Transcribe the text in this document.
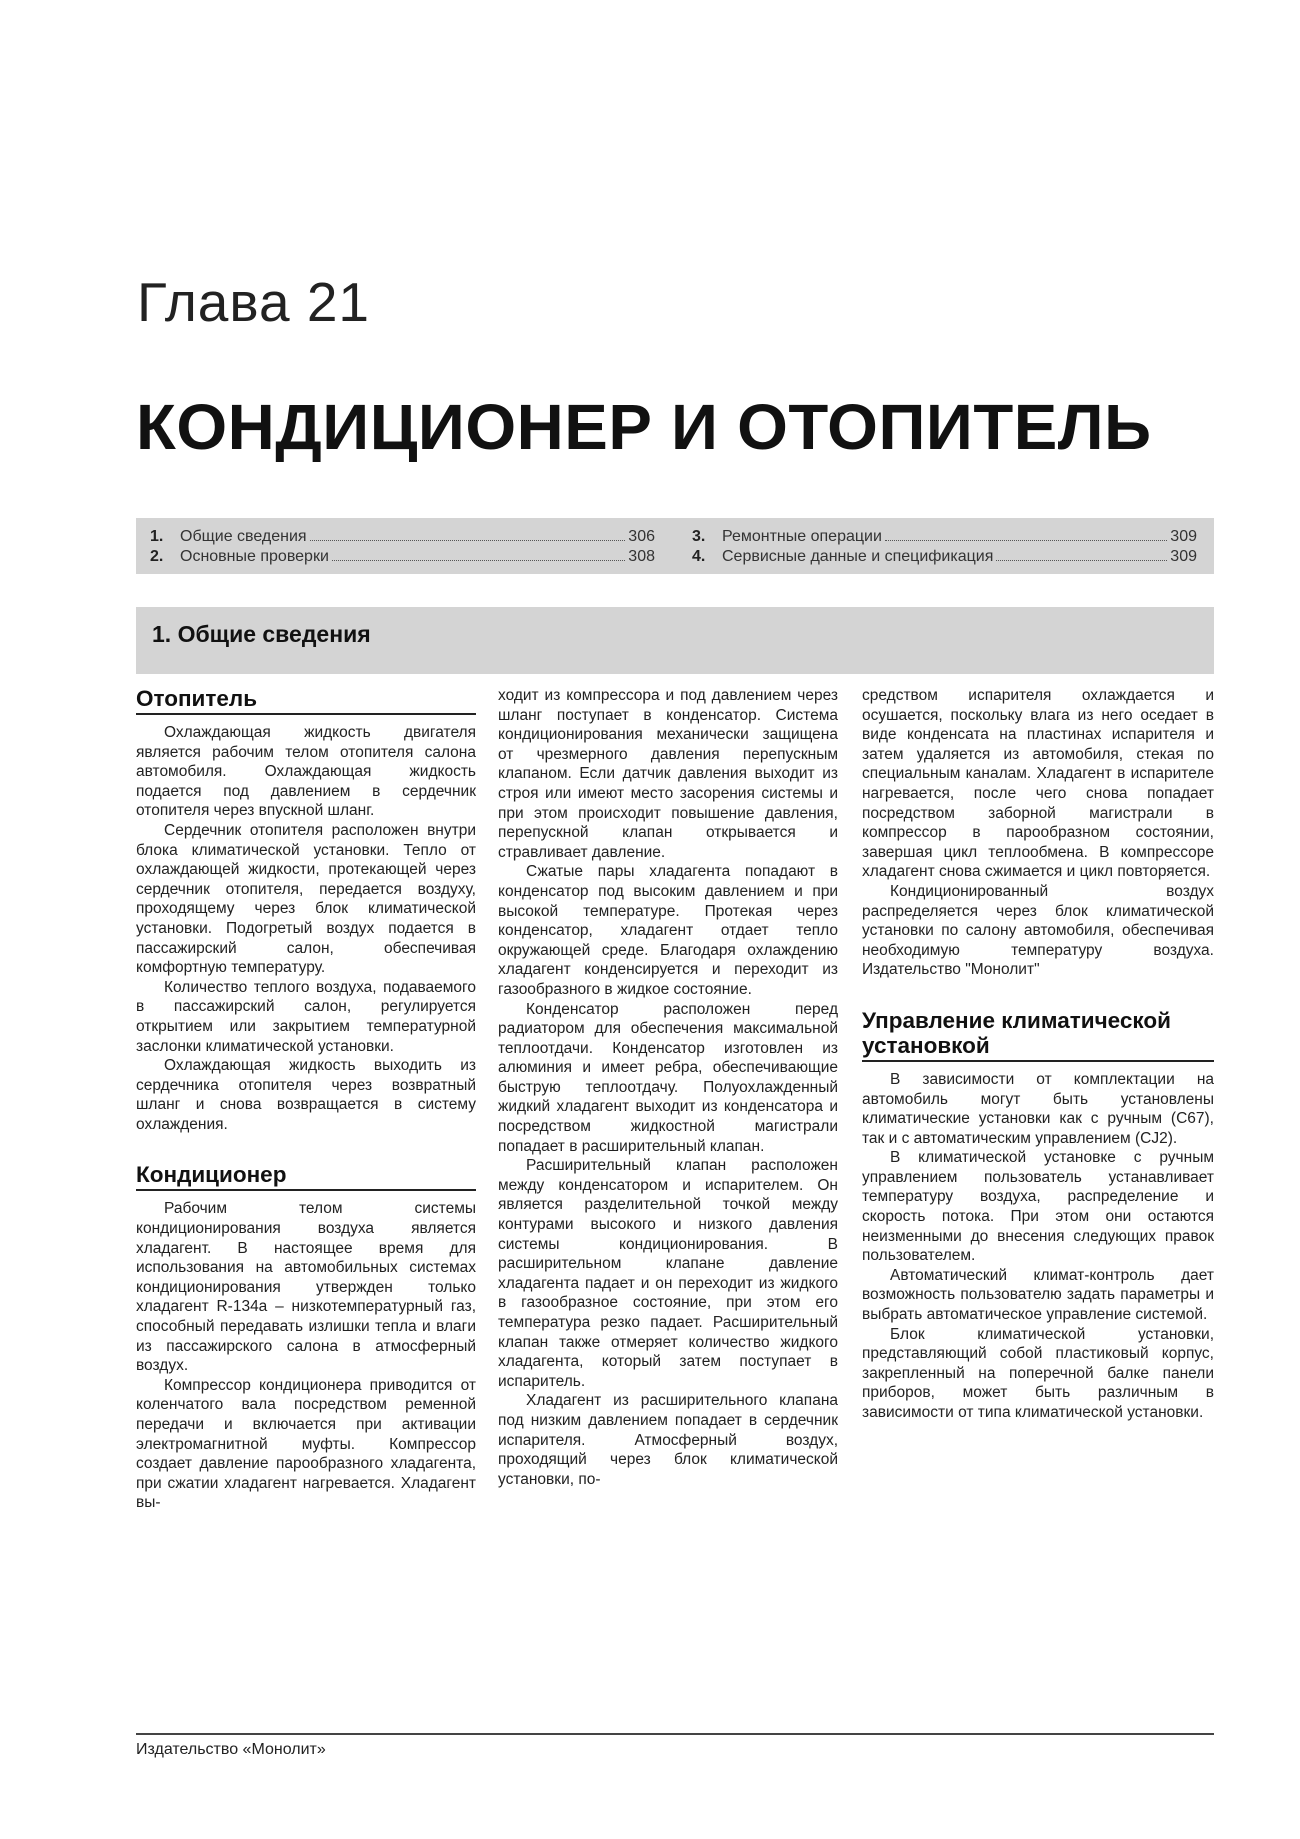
Глава 21
КОНДИЦИОНЕР И ОТОПИТЕЛЬ
1.	Общие сведения	306
2.	Основные проверки	308
3.	Ремонтные операции	309
4.	Сервисные данные и спецификация	309
1. Общие сведения
Отопитель

Охлаждающая жидкость двигателя является рабочим телом отопителя салона автомобиля. Охлаждающая жидкость подается под давлением в сердечник отопителя через впускной шланг.

Сердечник отопителя расположен внутри блока климатической установки. Тепло от охлаждающей жидкости, протекающей через сердечник отопителя, передается воздуху, проходящему через блок климатической установки. Подогретый воздух подается в пассажирский салон, обеспечивая комфортную температуру.

Количество теплого воздуха, подаваемого в пассажирский салон, регулируется открытием или закрытием температурной заслонки климатической установки.

Охлаждающая жидкость выходить из сердечника отопителя через возвратный шланг и снова возвращается в систему охлаждения.

Кондиционер

Рабочим телом системы кондиционирования воздуха является хладагент. В настоящее время для использования на автомобильных системах кондиционирования утвержден только хладагент R-134a – низкотемпературный газ, способный передавать излишки тепла и влаги из пассажирского салона в атмосферный воздух.

Компрессор кондиционера приводится от коленчатого вала посредством ременной передачи и включается при активации электромагнитной муфты. Компрессор создает давление парообразного хладагента, при сжатии хладагент нагревается. Хладагент вы-

ходит из компрессора и под давлением через шланг поступает в конденсатор. Система кондиционирования механически защищена от чрезмерного давления перепускным клапаном. Если датчик давления выходит из строя или имеют место засорения системы и при этом происходит повышение давления, перепускной клапан открывается и стравливает давление.

Сжатые пары хладагента попадают в конденсатор под высоким давлением и при высокой температуре. Протекая через конденсатор, хладагент отдает тепло окружающей среде. Благодаря охлаждению хладагент конденсируется и переходит из газообразного в жидкое состояние.

Конденсатор расположен перед радиатором для обеспечения максимальной теплоотдачи. Конденсатор изготовлен из алюминия и имеет ребра, обеспечивающие быструю теплоотдачу. Полуохлажденный жидкий хладагент выходит из конденсатора и посредством жидкостной магистрали попадает в расширительный клапан.

Расширительный клапан расположен между конденсатором и испарителем. Он является разделительной точкой между контурами высокого и низкого давления системы кондиционирования. В расширительном клапане давление хладагента падает и он переходит из жидкого в газообразное состояние, при этом его температура резко падает. Расширительный клапан также отмеряет количество жидкого хладагента, который затем поступает в испаритель.

Хладагент из расширительного клапана под низким давлением попадает в сердечник испарителя. Атмосферный воздух, проходящий через блок климатической установки, по-

средством испарителя охлаждается и осушается, поскольку влага из него оседает в виде конденсата на пластинах испарителя и затем удаляется из автомобиля, стекая по специальным каналам. Хладагент в испарителе нагревается, после чего снова попадает посредством заборной магистрали в компрессор в парообразном состоянии, завершая цикл теплообмена. В компрессоре хладагент снова сжимается и цикл повторяется.

Кондиционированный воздух распределяется через блок климатической установки по салону автомобиля, обеспечивая необходимую температуру воздуха. Издательство "Монолит"

Управление климатической установкой

В зависимости от комплектации на автомобиль могут быть установлены климатические установки как с ручным (C67), так и с автоматическим управлением (CJ2).

В климатической установке с ручным управлением пользователь устанавливает температуру воздуха, распределение и скорость потока. При этом они остаются неизменными до внесения следующих правок пользователем.

Автоматический климат-контроль дает возможность пользователю задать параметры и выбрать автоматическое управление системой.

Блок климатической установки, представляющий собой пластиковый корпус, закрепленный на поперечной балке панели приборов, может быть различным в зависимости от типа климатической установки.

Издательство «Монолит»
